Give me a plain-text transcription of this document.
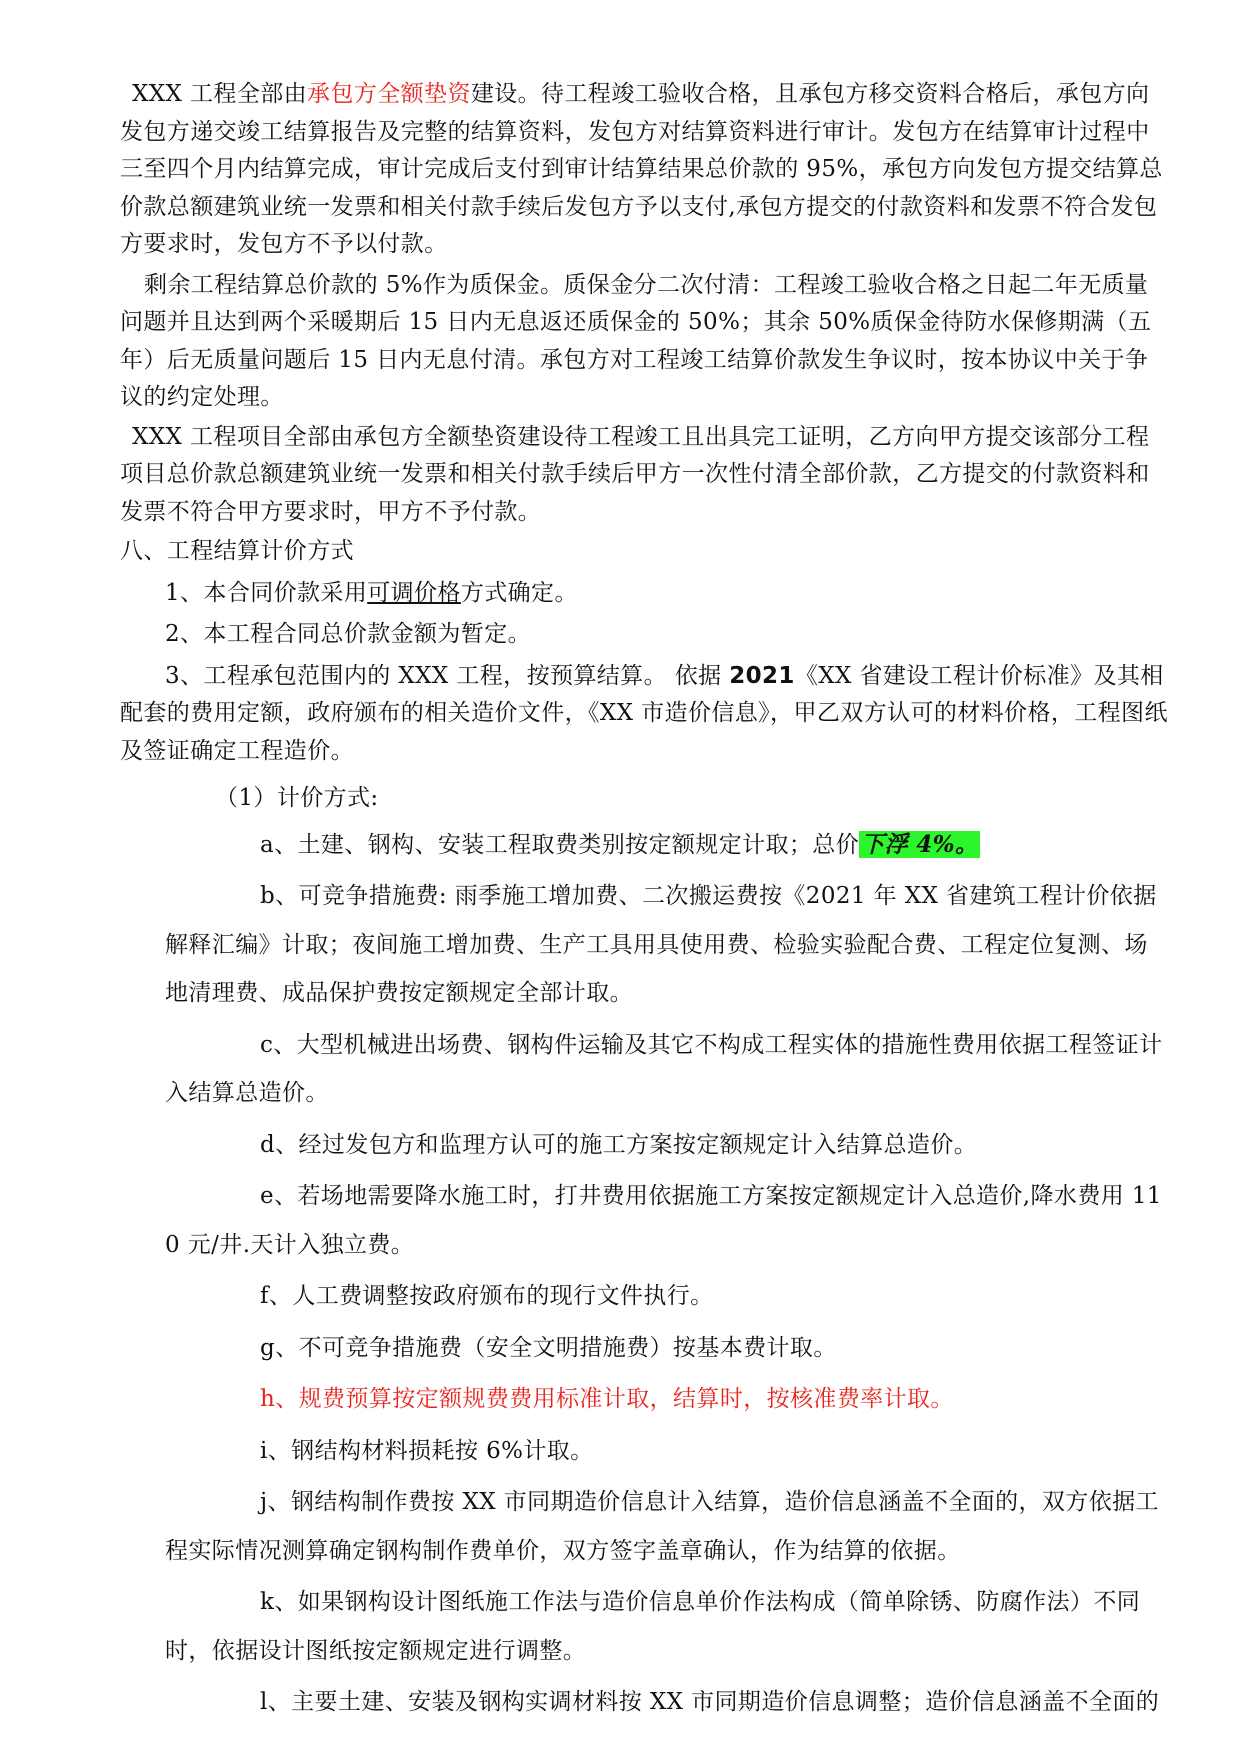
XXX 工程全部由承包方全额垫资建设。待工程竣工验收合格，且承包方移交资料合格后，承包方向发包方递交竣工结算报告及完整的结算资料，发包方对结算资料进行审计。发包方在结算审计过程中三至四个月内结算完成，审计完成后支付到审计结算结果总价款的 95%，承包方向发包方提交结算总价款总额建筑业统一发票和相关付款手续后发包方予以支付,承包方提交的付款资料和发票不符合发包方要求时，发包方不予以付款。

剩余工程结算总价款的 5%作为质保金。质保金分二次付清：工程竣工验收合格之日起二年无质量问题并且达到两个采暖期后 15 日内无息返还质保金的 50%；其余 50%质保金待防水保修期满（五年）后无质量问题后 15 日内无息付清。承包方对工程竣工结算价款发生争议时，按本协议中关于争议的约定处理。

XXX 工程项目全部由承包方全额垫资建设待工程竣工且出具完工证明，乙方向甲方提交该部分工程项目总价款总额建筑业统一发票和相关付款手续后甲方一次性付清全部价款，乙方提交的付款资料和发票不符合甲方要求时，甲方不予付款。

八、工程结算计价方式

1、本合同价款采用可调价格方式确定。

2、本工程合同总价款金额为暂定。

3、工程承包范围内的 XXX 工程，按预算结算。 依据 2021《XX 省建设工程计价标准》及其相配套的费用定额，政府颁布的相关造价文件，《XX 市造价信息》，甲乙双方认可的材料价格，工程图纸及签证确定工程造价。

（1）计价方式:

a、土建、钢构、安装工程取费类别按定额规定计取；总价下浮 4%。

b、可竞争措施费: 雨季施工增加费、二次搬运费按《2021 年 XX 省建筑工程计价依据解释汇编》计取；夜间施工增加费、生产工具用具使用费、检验实验配合费、工程定位复测、场地清理费、成品保护费按定额规定全部计取。

c、大型机械进出场费、钢构件运输及其它不构成工程实体的措施性费用依据工程签证计入结算总造价。

d、经过发包方和监理方认可的施工方案按定额规定计入结算总造价。

e、若场地需要降水施工时，打井费用依据施工方案按定额规定计入总造价,降水费用 110 元/井.天计入独立费。

f、人工费调整按政府颁布的现行文件执行。

g、不可竞争措施费（安全文明措施费）按基本费计取。

h、规费预算按定额规费费用标准计取，结算时，按核准费率计取。

i、钢结构材料损耗按 6%计取。

j、钢结构制作费按 XX 市同期造价信息计入结算，造价信息涵盖不全面的，双方依据工程实际情况测算确定钢构制作费单价，双方签字盖章确认，作为结算的依据。

k、如果钢构设计图纸施工作法与造价信息单价作法构成（简单除锈、防腐作法）不同时，依据设计图纸按定额规定进行调整。

l、主要土建、安装及钢构实调材料按 XX 市同期造价信息调整；造价信息涵盖不全面的
